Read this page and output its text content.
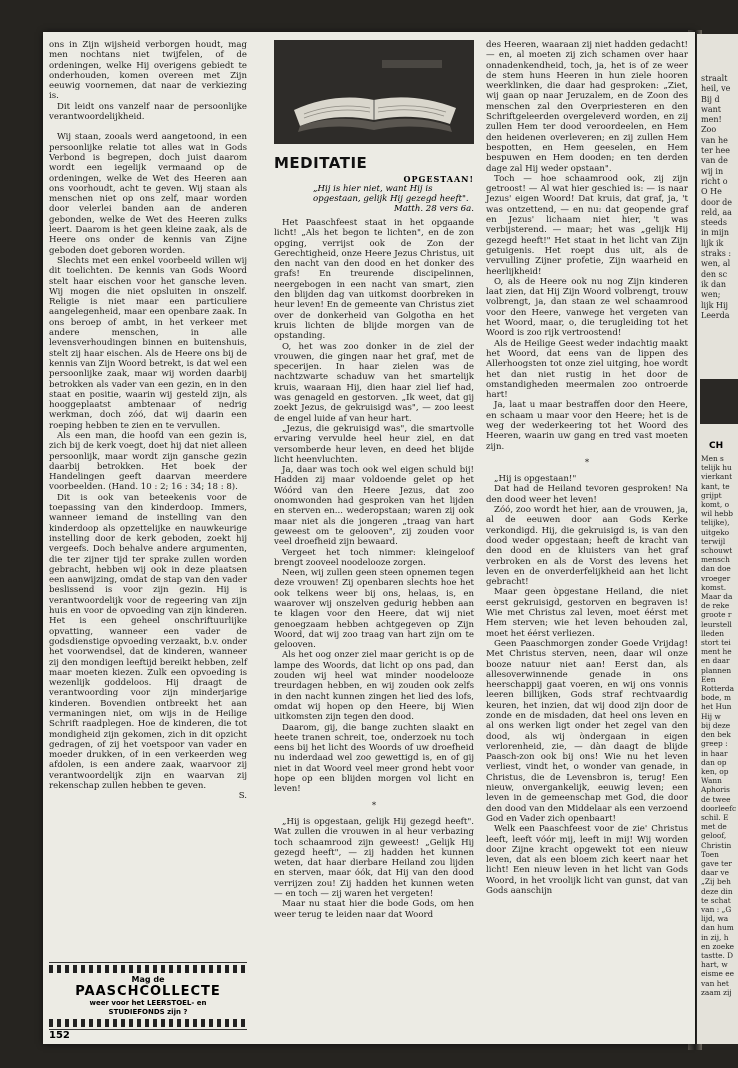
ons in Zijn wijsheid verborgen houdt, mag men nochtans niet twijfelen, of de ordeningen, welke Hij overigens gebiedt te onderhouden, komen overeen met Zijn eeuwig voornemen, dat naar de verkiezing is.

Dit leidt ons vanzelf naar de persoonlijke verantwoordelijkheid.

Wij staan, zooals werd aangetoond, in een persoonlijke relatie tot alles wat in Gods Verbond is begrepen, doch juist daarom wordt een iegelijk vermaand op de ordeningen, welke de Wet des Heeren aan ons voorhoudt, acht te geven. Wij staan als menschen niet op ons zelf, maar worden door velerlei banden aan de anderen gebonden, welke de Wet des Heeren zulks leert. Daarom is het geen kleine zaak, als de Heere ons onder de kennis van Zijne geboden doet geboren worden.

Slechts met een enkel voorbeeld willen wij dit toelichten. De kennis van Gods Woord stelt haar eischen voor het gansche leven. Wij mogen die niet opsluiten in onszelf. Religie is niet maar een particuliere aangelegenheid, maar een openbare zaak. In ons beroep of ambt, in het verkeer met andere menschen, in alle levensverhoudingen binnen en buitenshuis, stelt zij haar eischen. Als de Heere ons bij de kennis van Zijn Woord betrekt, is dat wel een persoonlijke zaak, maar wij worden daarbij betrokken als vader van een gezin, en in den staat en positie, waarin wij gesteld zijn, als hooggeplaatst ambtenaar of nedrig werkman, doch zóó, dat wij daarin een roeping hebben te zien en te vervullen.

Als een man, die hoofd van een gezin is, zich bij de kerk voegt, doet hij dat niet alleen persoonlijk, maar wordt zijn gansche gezin daarbij betrokken. Het boek der Handelingen geeft daarvan meerdere voorbeelden. (Hand. 10 : 2; 16 : 34; 18 : 8).

Dit is ook van beteekenis voor de toepassing van den kinderdoop. Immers, wanneer iemand de instelling van den kinderdoop als opzettelijke en nauwkeurige instelling door de kerk geboden, zoekt hij vergeefs. Doch behalve andere argumenten, die ter zijner tijd ter sprake zullen worden gebracht, hebben wij ook in deze plaatsen een aanwijzing, omdat de stap van den vader beslissend is voor zijn gezin. Hij is verantwoordelijk voor de regeering van zijn huis en voor de opvoeding van zijn kinderen. Het is een geheel onschriftuurlijke opvatting, wanneer een vader de godsdienstige opvoeding verzaakt, b.v. onder het voorwendsel, dat de kinderen, wanneer zij den mondigen leeftijd bereikt hebben, zelf maar moeten kiezen. Zulk een opvoeding is wezenlijk goddeloos. Hij draagt de verantwoording voor zijn minderjarige kinderen. Bovendien ontbreekt het aan vermaningen niet, om wijs in de Heilige Schrift raadplegen. Hoe de kinderen, die tot mondigheid zijn gekomen, zich in dit opzicht gedragen, of zij het voetspoor van vader en moeder drukken, of in een verkeerden weg afdolen, is een andere zaak, waarvoor zij verantwoordelijk zijn en waarvan zij rekenschap zullen hebben te geven.

S.
Mag de
PAASCHCOLLECTE
weer voor het LEERSTOEL- en
STUDIEFONDS zijn ?
152
MEDITATIE
OPGESTAAN!
„Hij is hier niet, want Hij is opgestaan, gelijk Hij gezegd heeft".
Matth. 28 vers 6a.

Het Paaschfeest staat in het opgaande licht! „Als het begon te lichten", en de zon opging, verrijst ook de Zon der Gerechtigheid, onze Heere Jezus Christus, uit den nacht van den dood en het donker des grafs! En treurende discipelinnen, neergebogen in een nacht van smart, zien den blijden dag van uitkomst doorbreken in heur leven! En de gemeente van Christus ziet over de donkerheid van Golgotha en het kruis lichten de blijde morgen van de opstanding.

O, het was zoo donker in de ziel der vrouwen, die gingen naar het graf, met de specerijen. In haar zielen was de nachtzwarte schaduw van het smartelijk kruis, waaraan Hij, dien haar ziel lief had, was genageld en gestorven. „Ik weet, dat gij zoekt Jezus, de gekruisigd was", — zoo leest de engel luide af van heur hart.

„Jezus, die gekruisigd was", die smartvolle ervaring vervulde heel heur ziel, en dat versomberde heur leven, en deed het blijde licht heenvluchten.

Ja, daar was toch ook wel eigen schuld bij! Hadden zij maar voldoende gelet op het Wóórd van den Heere Jezus, dat zoo onomwonden had gesproken van het lijden en sterven en... wederopstaan; waren zij ook maar niet als die jongeren „traag van hart geweest om te gelooven", zij zouden voor veel droefheid zijn bewaard.

Vergeet het toch nimmer: kleingeloof brengt zooveel noodelooze zorgen.

Neen, wij zullen geen steen opnemen tegen deze vrouwen! Zij openbaren slechts hoe het ook telkens weer bij ons, helaas, is, en waarover wij onszelven gedurig hebben aan te klagen voor den Heere, dat wij niet genoegzaam hebben achtgegeven op Zijn Woord, dat wij zoo traag van hart zijn om te gelooven.

Als het oog onzer ziel maar gericht is op de lampe des Woords, dat licht op ons pad, dan zouden wij heel wat minder noodelooze treurdagen hebben, en wij zouden ook zelfs in den nacht kunnen zingen het lied des lofs, omdat wij hopen op den Heere, bij Wien uitkomsten zijn tegen den dood.

Daarom, gij, die bange zuchten slaakt en heete tranen schreit, toe, onderzoek nu toch eens bij het licht des Woords of uw droefheid nu inderdaad wel zoo gewettigd is, en of gij niet in dat Woord veel meer grond hebt voor hope op een blijden morgen vol licht en leven!

*

„Hij is opgestaan, gelijk Hij gezegd heeft". Wat zullen die vrouwen in al heur verbazing toch schaamrood zijn geweest! „Gelijk Hij gezegd heeft", — zij hadden het kunnen weten, dat haar dierbare Heiland zou lijden en sterven, maar óók, dat Hij van den dood verrijzen zou! Zij hadden het kunnen weten — en toch — zij waren het vergeten!

Maar nu staat hier die bode Gods, om hen weer terug te leiden naar dat Woord

des Heeren, waaraan zij niet hadden gedacht! — en, al moeten zij zich schamen over haar onnadenkendheid, toch, ja, het is of ze weer de stem huns Heeren in hun ziele hooren weerklinken, die daar had gesproken: „Ziet, wij gaan op naar Jeruzalem, en de Zoon des menschen zal den Overpriesteren en den Schriftgeleerden overgeleverd worden, en zij zullen Hem ter dood veroordeelen, en Hem den heidenen overleveren; en zij zullen Hem bespotten, en Hem geeselen, en Hem bespuwen en Hem dooden; en ten derden dage zal Hij weder opstaan".

Toch — hoe schaamrood ook, zij zijn getroost! — Al wat hier geschied is: — is naar Jezus' eigen Woord! Dat kruis, dat graf, ja, 't was ontzettend, — en nu: dat geopende graf en Jezus' lichaam niet hier, 't was verbijsterend. — maar; het was „gelijk Hij gezegd heeft!" Het staat in het licht van Zijn getuigenis. Het roept dus uit, als de vervulling Zijner profetie, Zijn waarheid en heerlijkheid!

O, als de Heere ook nu nog Zijn kinderen laat zien, dat Hij Zijn Woord volbrengt, trouw volbrengt, ja, dan staan ze wel schaamrood voor den Heere, vanwege het vergeten van het Woord, maar, o, die terugleiding tot het Woord is zoo rijk vertroostend!

Als de Heilige Geest weder indachtig maakt het Woord, dat eens van de lippen des Allerhoogsten tot onze ziel uitging, hoe wordt het dan niet rustig in het door de omstandigheden meermalen zoo ontroerde hart!

Ja, laat u maar bestraffen door den Heere, en schaam u maar voor den Heere; het is de weg der wederkeering tot het Woord des Heeren, waarin uw gang en tred vast moeten zijn.

*

„Hij is opgestaan!"

Dat had de Heiland tevoren gesproken! Na den dood weer het leven!

Zóó, zoo wordt het hier, aan de vrouwen, ja, al de eeuwen door aan Gods Kerke verkondigd. Hij, die gekruisigd is, is van den dood weder opgestaan; heeft de kracht van den dood en de kluisters van het graf verbroken en als de Vorst des levens het leven en de onverderfelijkheid aan het licht gebracht!

Maar geen òpgestane Heiland, die niet eerst gekruisigd, gestorven en begraven is! Wie met Christus zal leven, moet éérst met Hem sterven; wie het leven behouden zal, moet het éérst verliezen.

Geen Paaschmorgen zonder Goede Vrijdag! Met Christus sterven, neen, daar wil onze booze natuur niet aan! Eerst dan, als allesoverwinnende genade in ons heerschappij gaat voeren, en wij ons vonnis leeren billijken, Gods straf rechtvaardig keuren, het inzien, dat wij dood zijn door de zonde en de misdaden, dat heel ons leven en al ons werken ligt onder het zegel van den dood, als wij òndergaan in eigen verlorenheid, zie, — dàn daagt de blijde Paasch-zon ook bij ons! Wie nu het leven verliest, vindt het, o wonder van genade, in Christus, die de Levensbron is, terug! Een nieuw, onvergankelijk, eeuwig leven; een leven in de gemeenschap met God, die door den dood van den Middelaar als een verzoend God en Vader zich openbaart!

Welk een Paaschfeest voor de zie' Christus leeft, leeft vóór mij, leeft in mij! Wij worden door Zijne kracht opgewekt tot een nieuw leven, dat als een bloem zich keert naar het licht! Een nieuw leven in het licht van Gods Woord, in het vroolijk licht van gunst, dat van Gods aanschijn

straalt
heil, ve
Bij d
want
men!
Zoo
van he
ter hee
van de
wij in
richt o
O He
door de
reld, aa
steeds
in mijn
lijk ik
straks :
wen, al
den sc
ik dan
wen;
lijk Hij
Leerda
CH
Men s
telijk hu
vierkant
kant, te
grijpt
komt, o
wil hebb
telijke),
uitgeko
terwijl
schouwt
mensch
dan doe
vroeger
komst.
Maar da
de reke
groote r
leurstell
lleden
stort tei
ment he
en daar
plannen
Een
Rotterda
bode, m
het Hun
Hij w
bij deze
den bek
greep :
in haar
dan op
ken, op
Wann
Aphoris
de twee
doorleefc
schil. E
met de
geloof,
Christin
Toen
gave ter
daar ve
„Zij beh
deze din
te schat
van : „G
lijd, wa
dan hum
in zij, h
en zoeke
tastte. D
hart, w
eisme ee
van het
zaam zij
